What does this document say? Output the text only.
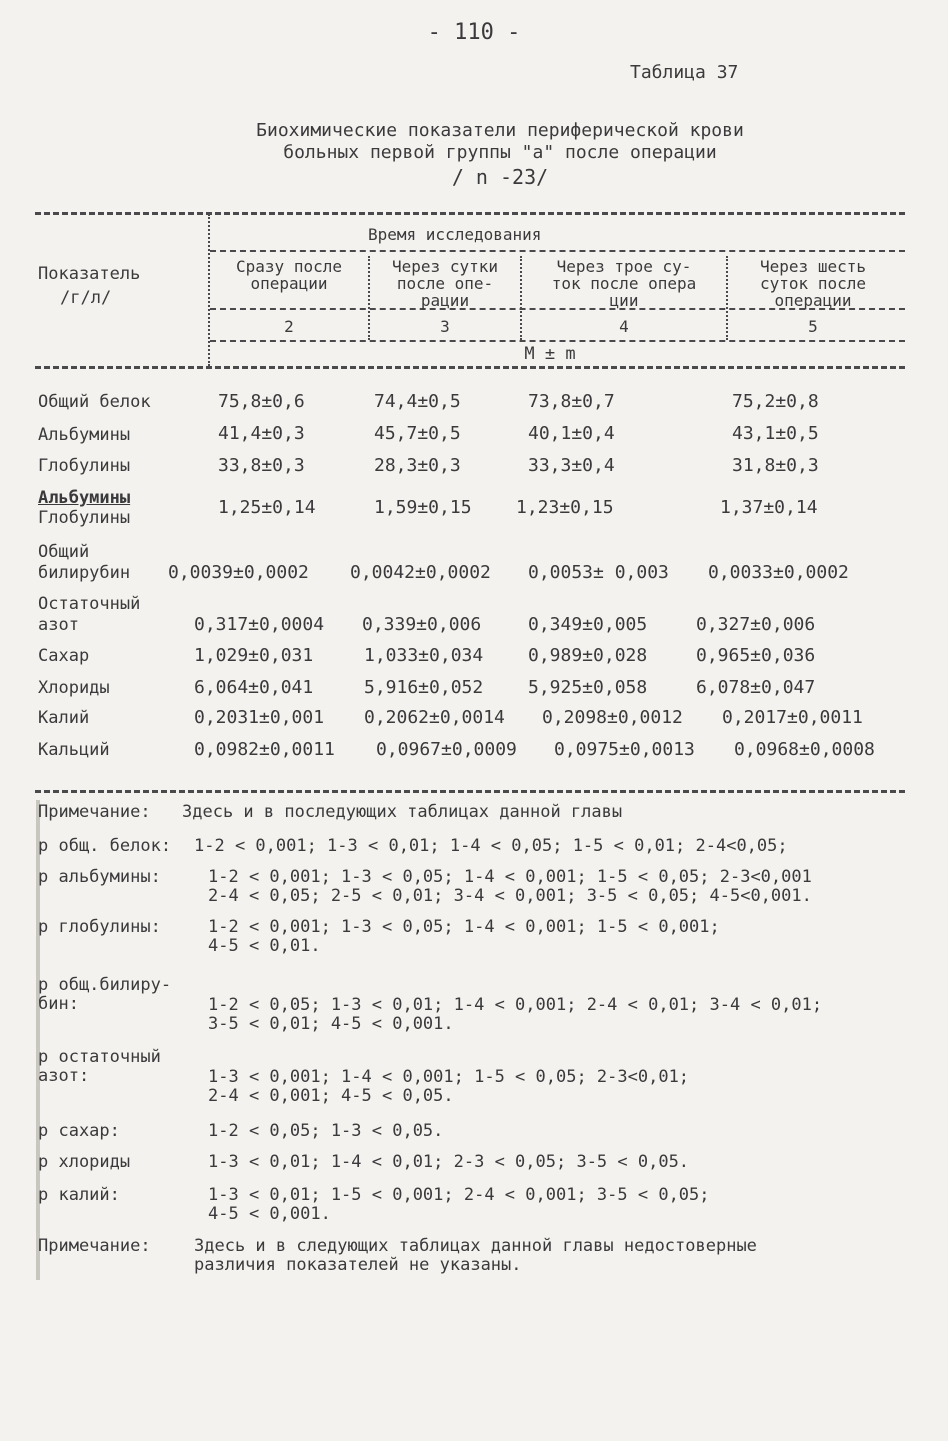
- 110 -
Таблица 37
Биохимические показатели периферической крови
больных первой группы "а" после операции
/ n -23/
Показатель
/г/л/
Время исследования
Сразу после
операции
Через сутки
после опе-
рации
Через трое су-
ток после опера
ции
Через шесть
суток после
операции
2	3	4	5
M ± m
Общий белок	75,8±0,6	74,4±0,5	73,8±0,7	75,2±0,8
Альбумины	41,4±0,3	45,7±0,5	40,1±0,4	43,1±0,5
Глобулины	33,8±0,3	28,3±0,3	33,3±0,4	31,8±0,3
Альбумины
Глобулины	1,25±0,14	1,59±0,15 1,23±0,15	1,37±0,14
Общий
билирубин 0,0039±0,0002 0,0042±0,0002 0,0053± 0,003 0,0033±0,0002
Остаточный
азот	0,317±0,0004 0,339±0,006	0,349±0,005	0,327±0,006
Сахар	1,029±0,031	1,033±0,034 0,989±0,028	0,965±0,036
Хлориды	6,064±0,041	5,916±0,052 5,925±0,058	6,078±0,047
Калий	0,2031±0,001 0,2062±0,0014 0,2098±0,0012 0,2017±0,0011
Кальций	0,0982±0,0011 0,0967±0,0009 0,0975±0,0013 0,0968±0,0008
Примечание: Здесь и в последующих таблицах данной главы
р общ. белок: 1-2 < 0,001; 1-3 < 0,01; 1-4 < 0,05; 1-5 < 0,01; 2-4<0,05;
р альбумины:	1-2 < 0,001; 1-3 < 0,05; 1-4 < 0,001; 1-5 < 0,05; 2-3<0,001
2-4 < 0,05; 2-5 < 0,01; 3-4 < 0,001; 3-5 < 0,05; 4-5<0,001.
р глобулины:	1-2 < 0,001; 1-3 < 0,05; 1-4 < 0,001; 1-5 < 0,001;
4-5 < 0,01.
р общ.билиру-
бин:	1-2 < 0,05; 1-3 < 0,01; 1-4 < 0,001; 2-4 < 0,01; 3-4 < 0,01;
3-5 < 0,01; 4-5 < 0,001.
р остаточный
азот:	1-3 < 0,001; 1-4 < 0,001; 1-5 < 0,05; 2-3<0,01;
2-4 < 0,001; 4-5 < 0,05.
р сахар:	1-2 < 0,05; 1-3 < 0,05.
р хлориды	1-3 < 0,01; 1-4 < 0,01; 2-3 < 0,05; 3-5 < 0,05.
р калий:	1-3 < 0,01; 1-5 < 0,001; 2-4 < 0,001; 3-5 < 0,05;
4-5 < 0,001.
Примечание:	Здесь и в следующих таблицах данной главы недостоверные
различия показателей не указаны.
